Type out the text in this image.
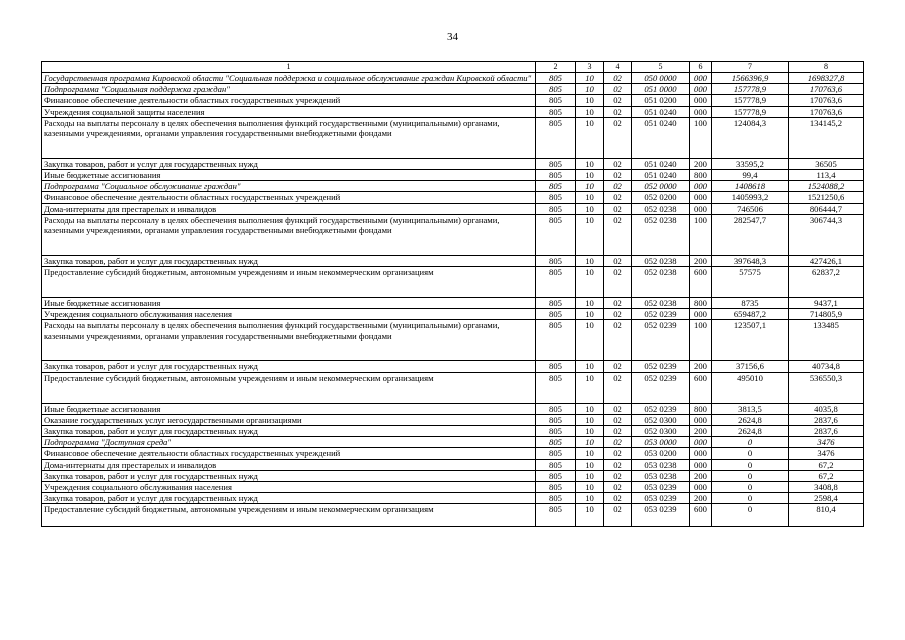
34
1	2	3	4	5	6	7	8
Государственная программа Кировской области "Социальная поддержка и социальное обслуживание граждан Кировской области"	805	10	02	050 0000	000	1566396,9	1698327,8
Подпрограмма "Социальная поддержка граждан"	805	10	02	051 0000	000	157778,9	170763,6
Финансовое обеспечение деятельности областных государственных учреждений	805	10	02	051 0200	000	157778,9	170763,6
Учреждения социальной защиты населения	805	10	02	051 0240	000	157778,9	170763,6
Расходы на выплаты персоналу в целях обеспечения выполнения функций государственными (муниципальными) органами, казенными учреждениями, органами управления государственными внебюджетными фондами	805	10	02	051 0240	100	124084,3	134145,2
Закупка товаров, работ и услуг для государственных нужд	805	10	02	051 0240	200	33595,2	36505
Иные бюджетные ассигнования	805	10	02	051 0240	800	99,4	113,4
Подпрограмма "Социальное обслуживание граждан"	805	10	02	052 0000	000	1408618	1524088,2
Финансовое обеспечение деятельности областных государственных учреждений	805	10	02	052 0200	000	1405993,2	1521250,6
Дома-интернаты для престарелых и инвалидов	805	10	02	052 0238	000	746506	806444,7
Расходы на выплаты персоналу в целях обеспечения выполнения функций государственными (муниципальными) органами, казенными учреждениями, органами управления государственными внебюджетными фондами	805	10	02	052 0238	100	282547,7	306744,3
Закупка товаров, работ и услуг для государственных нужд	805	10	02	052 0238	200	397648,3	427426,1
Предоставление субсидий бюджетным, автономным учреждениям и иным некоммерческим организациям	805	10	02	052 0238	600	57575	62837,2
Иные бюджетные ассигнования	805	10	02	052 0238	800	8735	9437,1
Учреждения социального обслуживания населения	805	10	02	052 0239	000	659487,2	714805,9
Расходы на выплаты персоналу в целях обеспечения выполнения функций государственными (муниципальными) органами, казенными учреждениями, органами управления государственными внебюджетными фондами	805	10	02	052 0239	100	123507,1	133485
Закупка товаров, работ и услуг для государственных нужд	805	10	02	052 0239	200	37156,6	40734,8
Предоставление субсидий бюджетным, автономным учреждениям и иным некоммерческим организациям	805	10	02	052 0239	600	495010	536550,3
Иные бюджетные ассигнования	805	10	02	052 0239	800	3813,5	4035,8
Оказание государственных услуг негосударственными организациями	805	10	02	052 0300	000	2624,8	2837,6
Закупка товаров, работ и услуг для государственных нужд	805	10	02	052 0300	200	2624,8	2837,6
Подпрограмма "Доступная среда"	805	10	02	053 0000	000	0	3476
Финансовое обеспечение деятельности областных государственных учреждений	805	10	02	053 0200	000	0	3476
Дома-интернаты для престарелых и инвалидов	805	10	02	053 0238	000	0	67,2
Закупка товаров, работ и услуг для государственных нужд	805	10	02	053 0238	200	0	67,2
Учреждения социального обслуживания населения	805	10	02	053 0239	000	0	3408,8
Закупка товаров, работ и услуг для государственных нужд	805	10	02	053 0239	200	0	2598,4
Предоставление субсидий бюджетным, автономным учреждениям и иным некоммерческим организациям	805	10	02	053 0239	600	0	810,4
